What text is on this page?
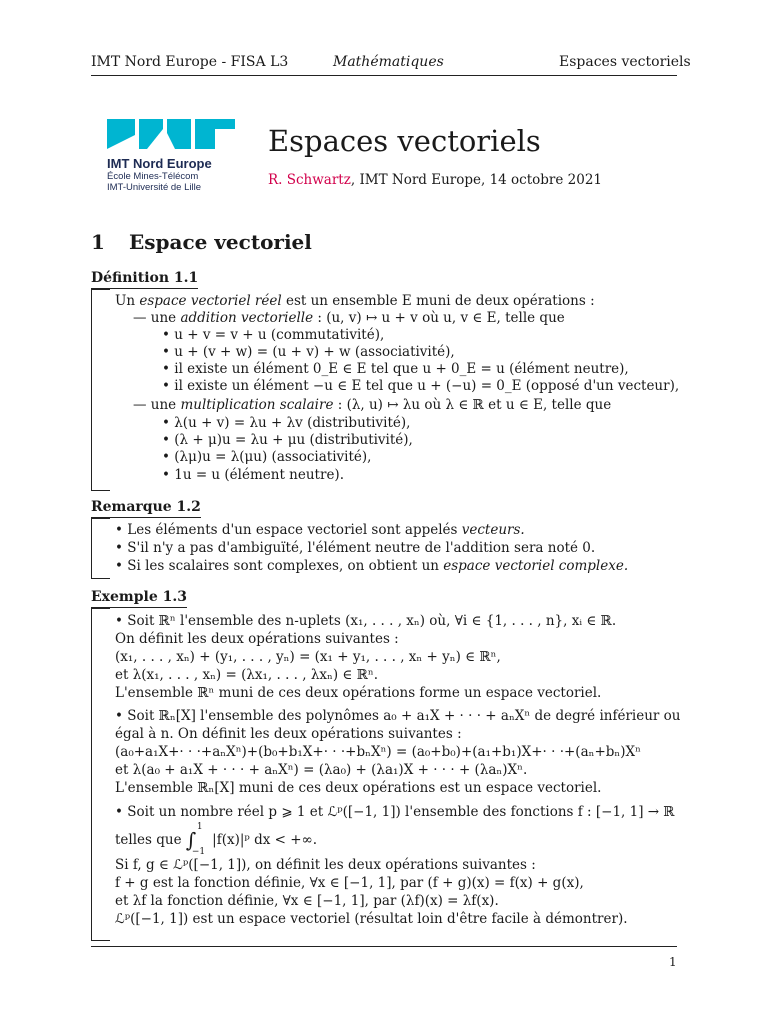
IMT Nord Europe - FISA L3	Mathématiques	Espaces vectoriels
IMT Nord Europe
École Mines-Télécom
IMT-Université de Lille
Espaces vectoriels
R. Schwartz, IMT Nord Europe, 14 octobre 2021
1 Espace vectoriel
Définition 1.1
Un espace vectoriel réel est un ensemble E muni de deux opérations :
— une addition vectorielle : (u, v) ↦ u + v où u, v ∈ E, telle que
• u + v = v + u (commutativité),
• u + (v + w) = (u + v) + w (associativité),
• il existe un élément 0_E ∈ E tel que u + 0_E = u (élément neutre),
• il existe un élément −u ∈ E tel que u + (−u) = 0_E (opposé d'un vecteur),
— une multiplication scalaire : (λ, u) ↦ λu où λ ∈ ℝ et u ∈ E, telle que
• λ(u + v) = λu + λv (distributivité),
• (λ + μ)u = λu + μu (distributivité),
• (λμ)u = λ(μu) (associativité),
• 1u = u (élément neutre).
Remarque 1.2
• Les éléments d'un espace vectoriel sont appelés vecteurs.
• S'il n'y a pas d'ambiguïté, l'élément neutre de l'addition sera noté 0.
• Si les scalaires sont complexes, on obtient un espace vectoriel complexe.
Exemple 1.3
• Soit ℝⁿ l'ensemble des n-uplets (x₁, . . . , xₙ) où, ∀i ∈ {1, . . . , n}, xᵢ ∈ ℝ.
On définit les deux opérations suivantes :
(x₁, . . . , xₙ) + (y₁, . . . , yₙ) = (x₁ + y₁, . . . , xₙ + yₙ) ∈ ℝⁿ,
et λ(x₁, . . . , xₙ) = (λx₁, . . . , λxₙ) ∈ ℝⁿ.
L'ensemble ℝⁿ muni de ces deux opérations forme un espace vectoriel.
• Soit ℝₙ[X] l'ensemble des polynômes a₀ + a₁X + · · · + aₙXⁿ de degré inférieur ou
égal à n. On définit les deux opérations suivantes :
(a₀+a₁X+· · ·+aₙXⁿ)+(b₀+b₁X+· · ·+bₙXⁿ) = (a₀+b₀)+(a₁+b₁)X+· · ·+(aₙ+bₙ)Xⁿ
et λ(a₀ + a₁X + · · · + aₙXⁿ) = (λa₀) + (λa₁)X + · · · + (λaₙ)Xⁿ.
L'ensemble ℝₙ[X] muni de ces deux opérations est un espace vectoriel.
• Soit un nombre réel p ⩾ 1 et ℒᵖ([−1, 1]) l'ensemble des fonctions f : [−1, 1] → ℝ
telles que ∫
1
−1
|f(x)|ᵖ dx < +∞.
Si f, g ∈ ℒᵖ([−1, 1]), on définit les deux opérations suivantes :
f + g est la fonction définie, ∀x ∈ [−1, 1], par (f + g)(x) = f(x) + g(x),
et λf la fonction définie, ∀x ∈ [−1, 1], par (λf)(x) = λf(x).
ℒᵖ([−1, 1]) est un espace vectoriel (résultat loin d'être facile à démontrer).
1
